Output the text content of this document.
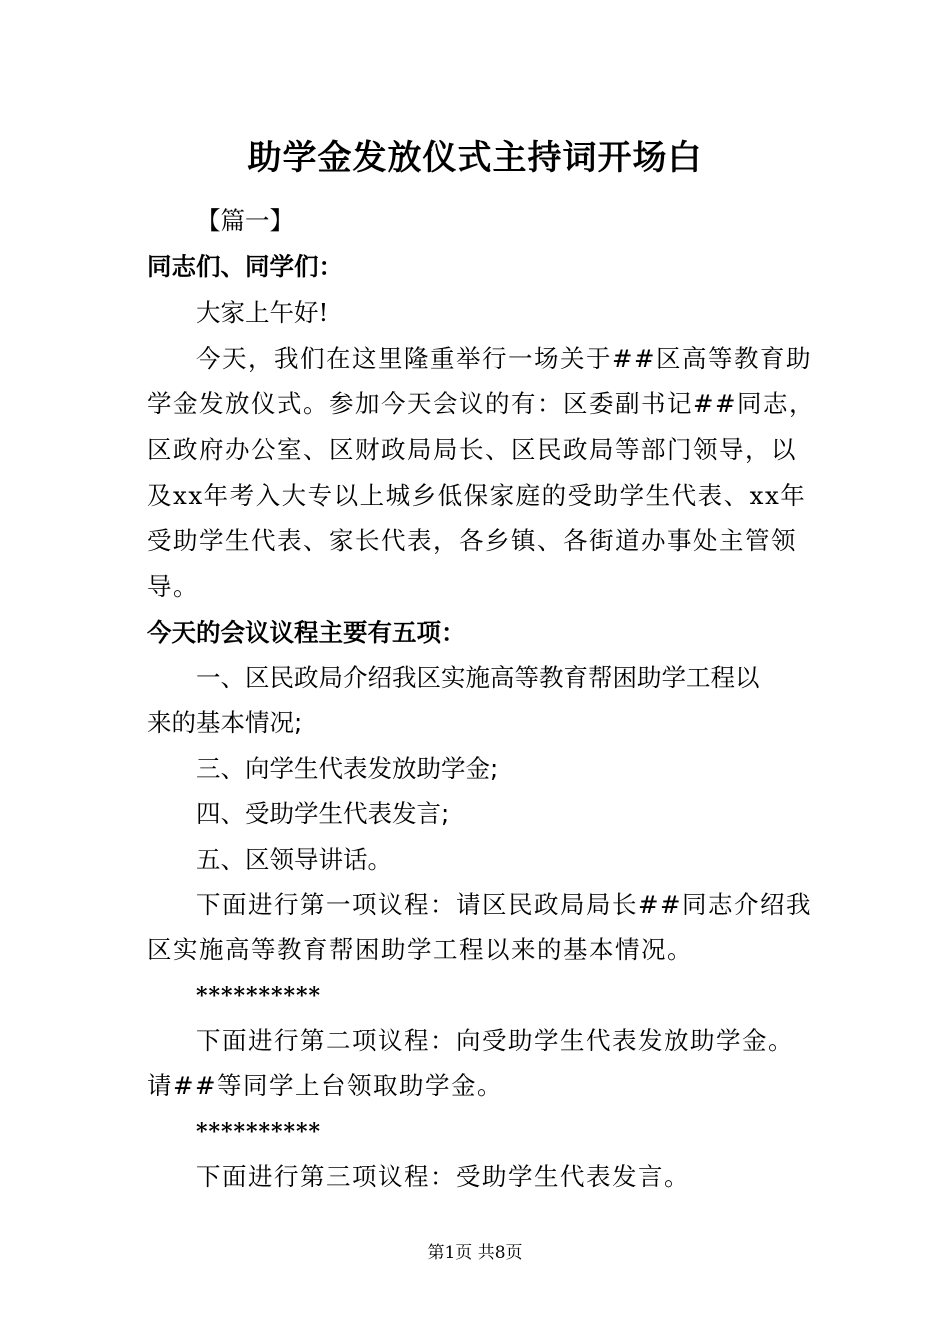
助学金发放仪式主持词开场白
【篇一】
同志们、同学们：
大家上午好!
今天，我们在这里隆重举行一场关于##区高等教育助
学金发放仪式。参加今天会议的有：区委副书记##同志，
区政府办公室、区财政局局长、区民政局等部门领导，以
及xx年考入大专以上城乡低保家庭的受助学生代表、xx年
受助学生代表、家长代表，各乡镇、各街道办事处主管领
导。
今天的会议议程主要有五项：
一、区民政局介绍我区实施高等教育帮困助学工程以
来的基本情况;
三、向学生代表发放助学金;
四、受助学生代表发言;
五、区领导讲话。
下面进行第一项议程：请区民政局局长##同志介绍我
区实施高等教育帮困助学工程以来的基本情况。
**********
下面进行第二项议程：向受助学生代表发放助学金。
请##等同学上台领取助学金。
**********
下面进行第三项议程：受助学生代表发言。
第1页 共8页
